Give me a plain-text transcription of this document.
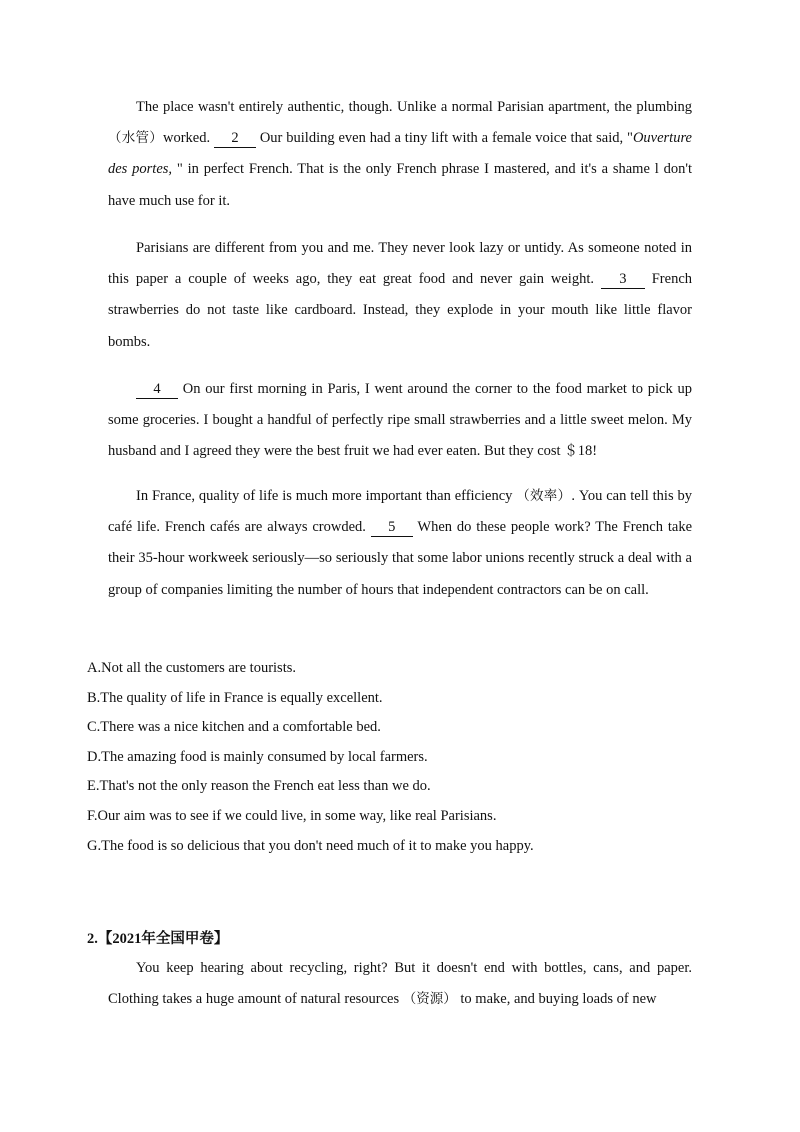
The place wasn't entirely authentic, though. Unlike a normal Parisian apartment, the plumbing （水管）worked. 2 Our building even had a tiny lift with a female voice that said, "Ouverture des portes, " in perfect French. That is the only French phrase I mastered, and it's a shame l don't have much use for it.

Parisians are different from you and me. They never look lazy or untidy. As someone noted in this paper a couple of weeks ago, they eat great food and never gain weight. 3 French strawberries do not taste like cardboard. Instead, they explode in your mouth like little flavor bombs.

4 On our first morning in Paris, I went around the corner to the food market to pick up some groceries. I bought a handful of perfectly ripe small strawberries and a little sweet melon. My husband and I agreed they were the best fruit we had ever eaten. But they cost ＄18!

In France, quality of life is much more important than efficiency （效率）. You can tell this by café life. French cafés are always crowded. 5 When do these people work? The French take their 35-hour workweek seriously—so seriously that some labor unions recently struck a deal with a group of companies limiting the number of hours that independent contractors can be on call.

A.Not all the customers are tourists.
B.The quality of life in France is equally excellent.
C.There was a nice kitchen and a comfortable bed.
D.The amazing food is mainly consumed by local farmers.
E.That's not the only reason the French eat less than we do.
F.Our aim was to see if we could live, in some way, like real Parisians.
G.The food is so delicious that you don't need much of it to make you happy.
2.【2021年全国甲卷】

You keep hearing about recycling, right? But it doesn't end with bottles, cans, and paper. Clothing takes a huge amount of natural resources （资源） to make, and buying loads of new
